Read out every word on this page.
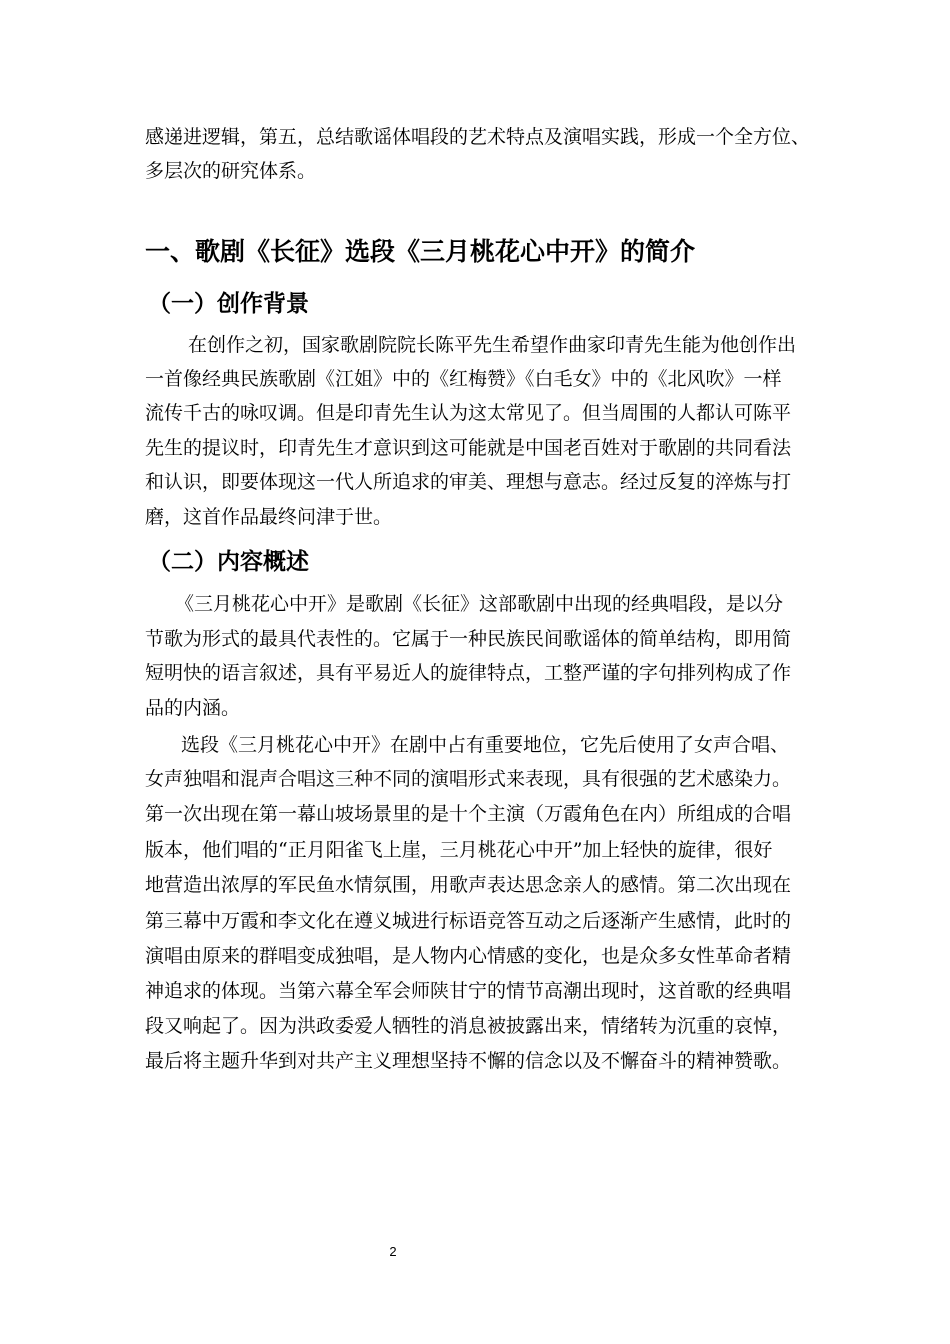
感递进逻辑，第五，总结歌谣体唱段的艺术特点及演唱实践，形成一个全方位、
多层次的研究体系。
一、歌剧《长征》选段《三月桃花心中开》的简介
（一）创作背景
在创作之初，国家歌剧院院长陈平先生希望作曲家印青先生能为他创作出
一首像经典民族歌剧《江姐》中的《红梅赞》《白毛女》中的《北风吹》一样
流传千古的咏叹调。但是印青先生认为这太常见了。但当周围的人都认可陈平
先生的提议时，印青先生才意识到这可能就是中国老百姓对于歌剧的共同看法
和认识，即要体现这一代人所追求的审美、理想与意志。经过反复的淬炼与打
磨，这首作品最终问津于世。
（二）内容概述
《三月桃花心中开》是歌剧《长征》这部歌剧中出现的经典唱段，是以分
节歌为形式的最具代表性的。它属于一种民族民间歌谣体的简单结构，即用简
短明快的语言叙述，具有平易近人的旋律特点，工整严谨的字句排列构成了作
品的内涵。
选段《三月桃花心中开》在剧中占有重要地位，它先后使用了女声合唱、
女声独唱和混声合唱这三种不同的演唱形式来表现，具有很强的艺术感染力。
第一次出现在第一幕山坡场景里的是十个主演（万霞角色在内）所组成的合唱
版本，他们唱的“正月阳雀飞上崖，三月桃花心中开”加上轻快的旋律，很好
地营造出浓厚的军民鱼水情氛围，用歌声表达思念亲人的感情。第二次出现在
第三幕中万霞和李文化在遵义城进行标语竞答互动之后逐渐产生感情，此时的
演唱由原来的群唱变成独唱，是人物内心情感的变化，也是众多女性革命者精
神追求的体现。当第六幕全军会师陕甘宁的情节高潮出现时，这首歌的经典唱
段又响起了。因为洪政委爱人牺牲的消息被披露出来，情绪转为沉重的哀悼，
最后将主题升华到对共产主义理想坚持不懈的信念以及不懈奋斗的精神赞歌。
2
